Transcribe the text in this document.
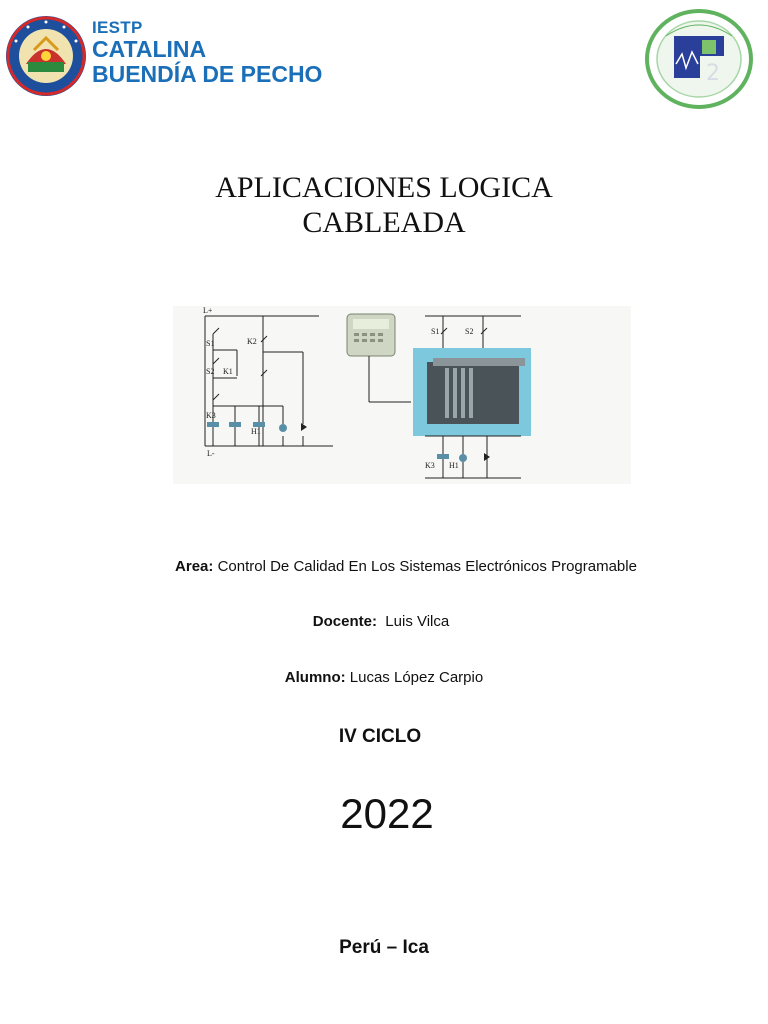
IESTP
CATALINA
BUENDÍA DE PECHO	2
APLICACIONES LOGICA
CABLEADA
L+
L-
S1
S2 K1
K2
K3
H1
S1	S2
K3 H1
Area: Control De Calidad En Los Sistemas Electrónicos Programable
Docente: Luis Vilca
Alumno: Lucas López Carpio
IV CICLO
2022
Perú – Ica
